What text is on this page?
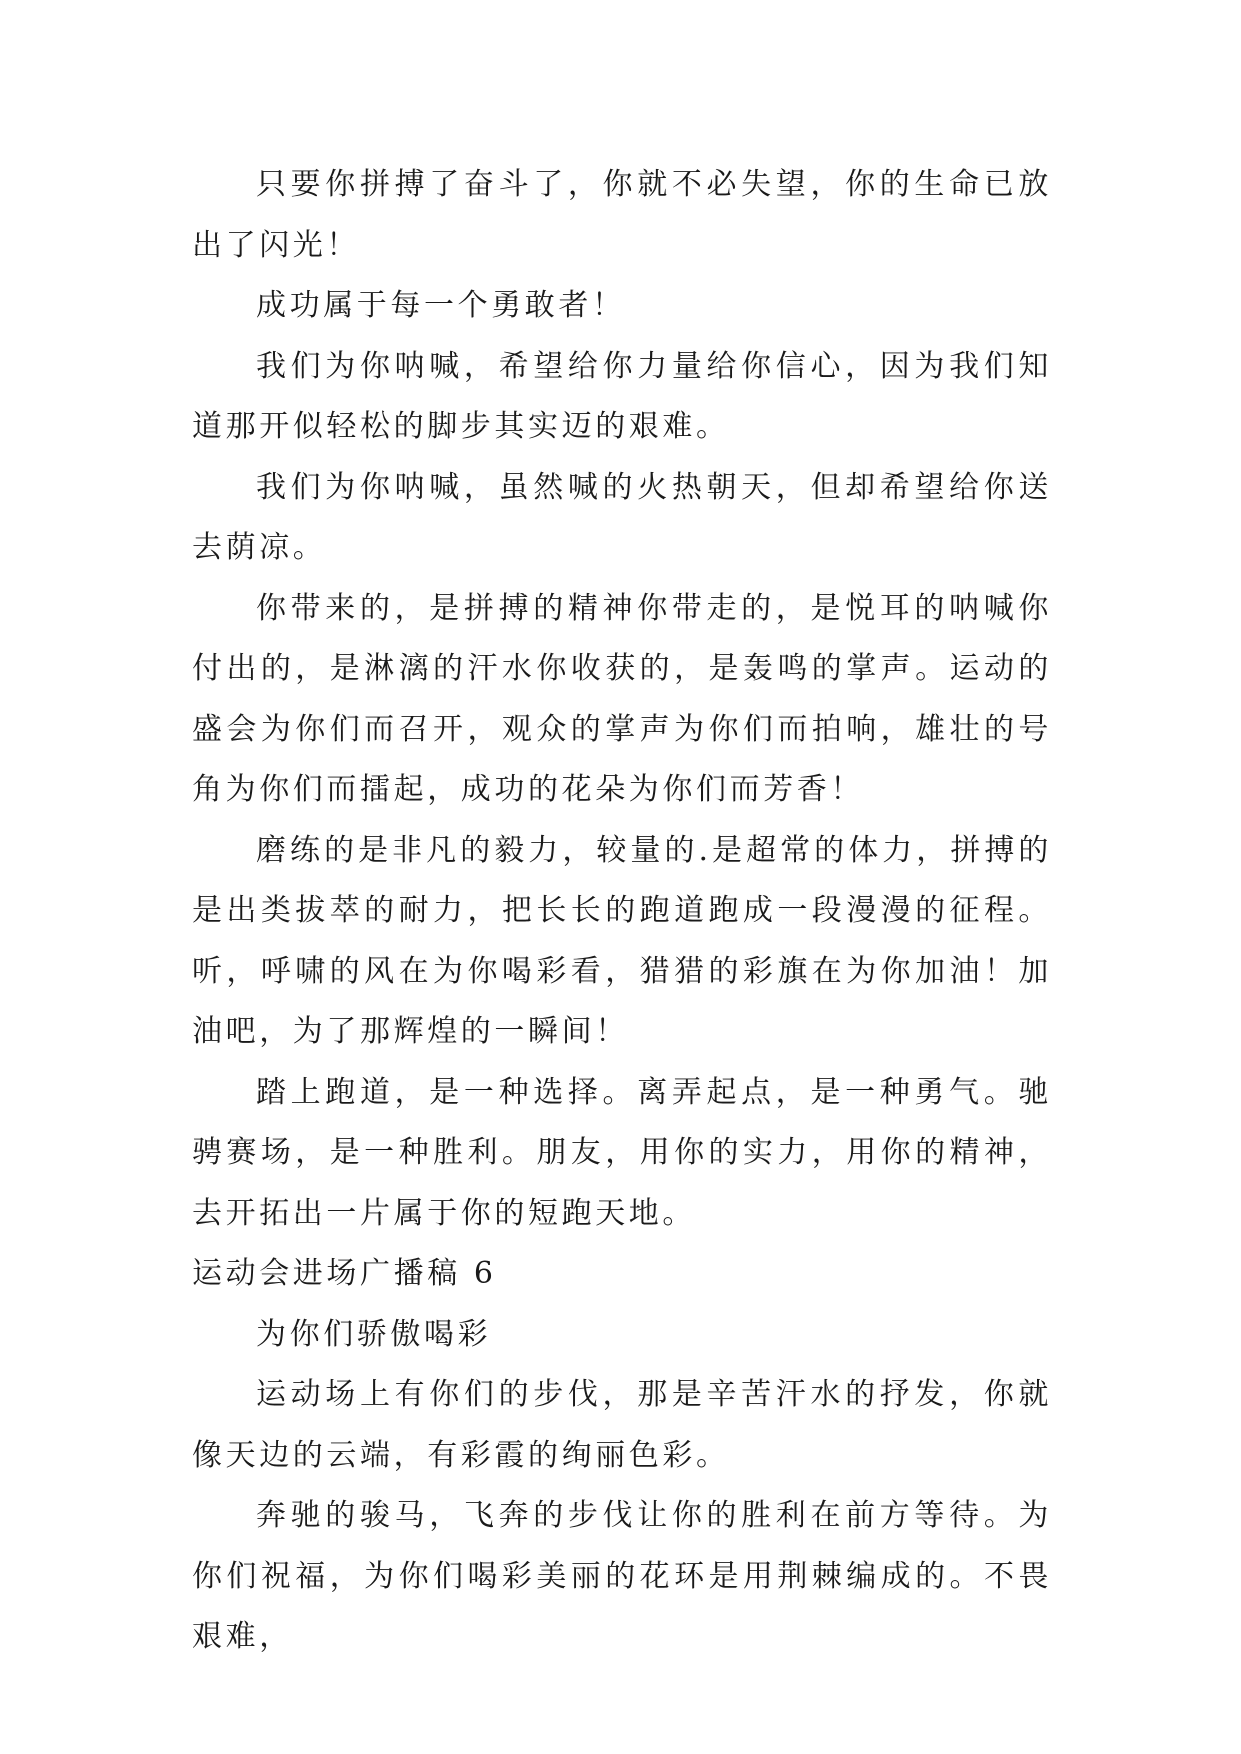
只要你拼搏了奋斗了，你就不必失望，你的生命已放出了闪光！

成功属于每一个勇敢者！

我们为你呐喊，希望给你力量给你信心，因为我们知道那开似轻松的脚步其实迈的艰难。

我们为你呐喊，虽然喊的火热朝天，但却希望给你送去荫凉。

你带来的，是拼搏的精神你带走的，是悦耳的呐喊你付出的，是淋漓的汗水你收获的，是轰鸣的掌声。运动的盛会为你们而召开，观众的掌声为你们而拍响，雄壮的号角为你们而擂起，成功的花朵为你们而芳香！

磨练的是非凡的毅力，较量的.是超常的体力，拼搏的是出类拔萃的耐力，把长长的跑道跑成一段漫漫的征程。听，呼啸的风在为你喝彩看，猎猎的彩旗在为你加油！加油吧，为了那辉煌的一瞬间！

踏上跑道，是一种选择。离弄起点，是一种勇气。驰骋赛场，是一种胜利。朋友，用你的实力，用你的精神，去开拓出一片属于你的短跑天地。

运动会进场广播稿 6

为你们骄傲喝彩

运动场上有你们的步伐，那是辛苦汗水的抒发，你就像天边的云端，有彩霞的绚丽色彩。

奔驰的骏马，飞奔的步伐让你的胜利在前方等待。为你们祝福，为你们喝彩美丽的花环是用荆棘编成的。不畏艰难，
